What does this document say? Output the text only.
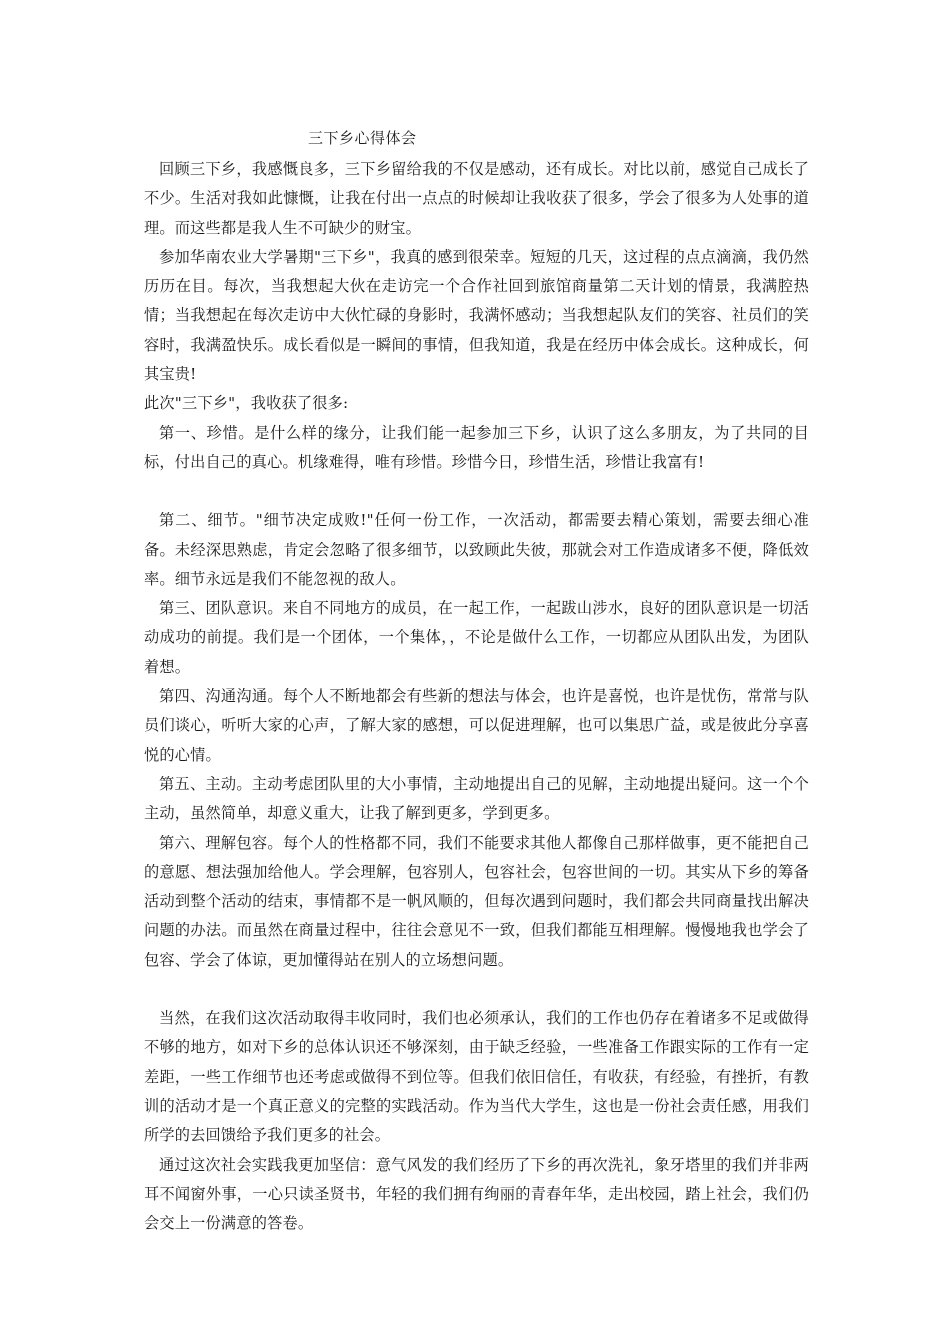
三下乡心得体会

回顾三下乡，我感慨良多，三下乡留给我的不仅是感动，还有成长。对比以前，感觉自己成长了不少。生活对我如此慷慨，让我在付出一点点的时候却让我收获了很多，学会了很多为人处事的道理。而这些都是我人生不可缺少的财宝。

参加华南农业大学暑期"三下乡"，我真的感到很荣幸。短短的几天，这过程的点点滴滴，我仍然历历在目。每次，当我想起大伙在走访完一个合作社回到旅馆商量第二天计划的情景，我满腔热情；当我想起在每次走访中大伙忙碌的身影时，我满怀感动；当我想起队友们的笑容、社员们的笑容时，我满盈快乐。成长看似是一瞬间的事情，但我知道，我是在经历中体会成长。这种成长，何其宝贵!

此次"三下乡"，我收获了很多:

第一、珍惜。是什么样的缘分，让我们能一起参加三下乡，认识了这么多朋友，为了共同的目标，付出自己的真心。机缘难得，唯有珍惜。珍惜今日，珍惜生活，珍惜让我富有!

第二、细节。"细节决定成败!"任何一份工作，一次活动，都需要去精心策划，需要去细心准备。未经深思熟虑，肯定会忽略了很多细节，以致顾此失彼，那就会对工作造成诸多不便，降低效率。细节永远是我们不能忽视的敌人。

第三、团队意识。来自不同地方的成员，在一起工作，一起跋山涉水，良好的团队意识是一切活动成功的前提。我们是一个团体，一个集体，，不论是做什么工作，一切都应从团队出发，为团队着想。

第四、沟通沟通。每个人不断地都会有些新的想法与体会，也许是喜悦，也许是忧伤，常常与队员们谈心，听听大家的心声，了解大家的感想，可以促进理解，也可以集思广益，或是彼此分享喜悦的心情。

第五、主动。主动考虑团队里的大小事情，主动地提出自己的见解，主动地提出疑问。这一个个主动，虽然简单，却意义重大，让我了解到更多，学到更多。

第六、理解包容。每个人的性格都不同，我们不能要求其他人都像自己那样做事，更不能把自己的意愿、想法强加给他人。学会理解，包容别人，包容社会，包容世间的一切。其实从下乡的筹备活动到整个活动的结束，事情都不是一帆风顺的，但每次遇到问题时，我们都会共同商量找出解决问题的办法。而虽然在商量过程中，往往会意见不一致，但我们都能互相理解。慢慢地我也学会了包容、学会了体谅，更加懂得站在别人的立场想问题。

当然，在我们这次活动取得丰收同时，我们也必须承认，我们的工作也仍存在着诸多不足或做得不够的地方，如对下乡的总体认识还不够深刻，由于缺乏经验，一些准备工作跟实际的工作有一定差距，一些工作细节也还考虑或做得不到位等。但我们依旧信任，有收获，有经验，有挫折，有教训的活动才是一个真正意义的完整的实践活动。作为当代大学生，这也是一份社会责任感，用我们所学的去回馈给予我们更多的社会。

通过这次社会实践我更加坚信：意气风发的我们经历了下乡的再次洗礼，象牙塔里的我们并非两耳不闻窗外事，一心只读圣贤书，年轻的我们拥有绚丽的青春年华，走出校园，踏上社会，我们仍会交上一份满意的答卷。
